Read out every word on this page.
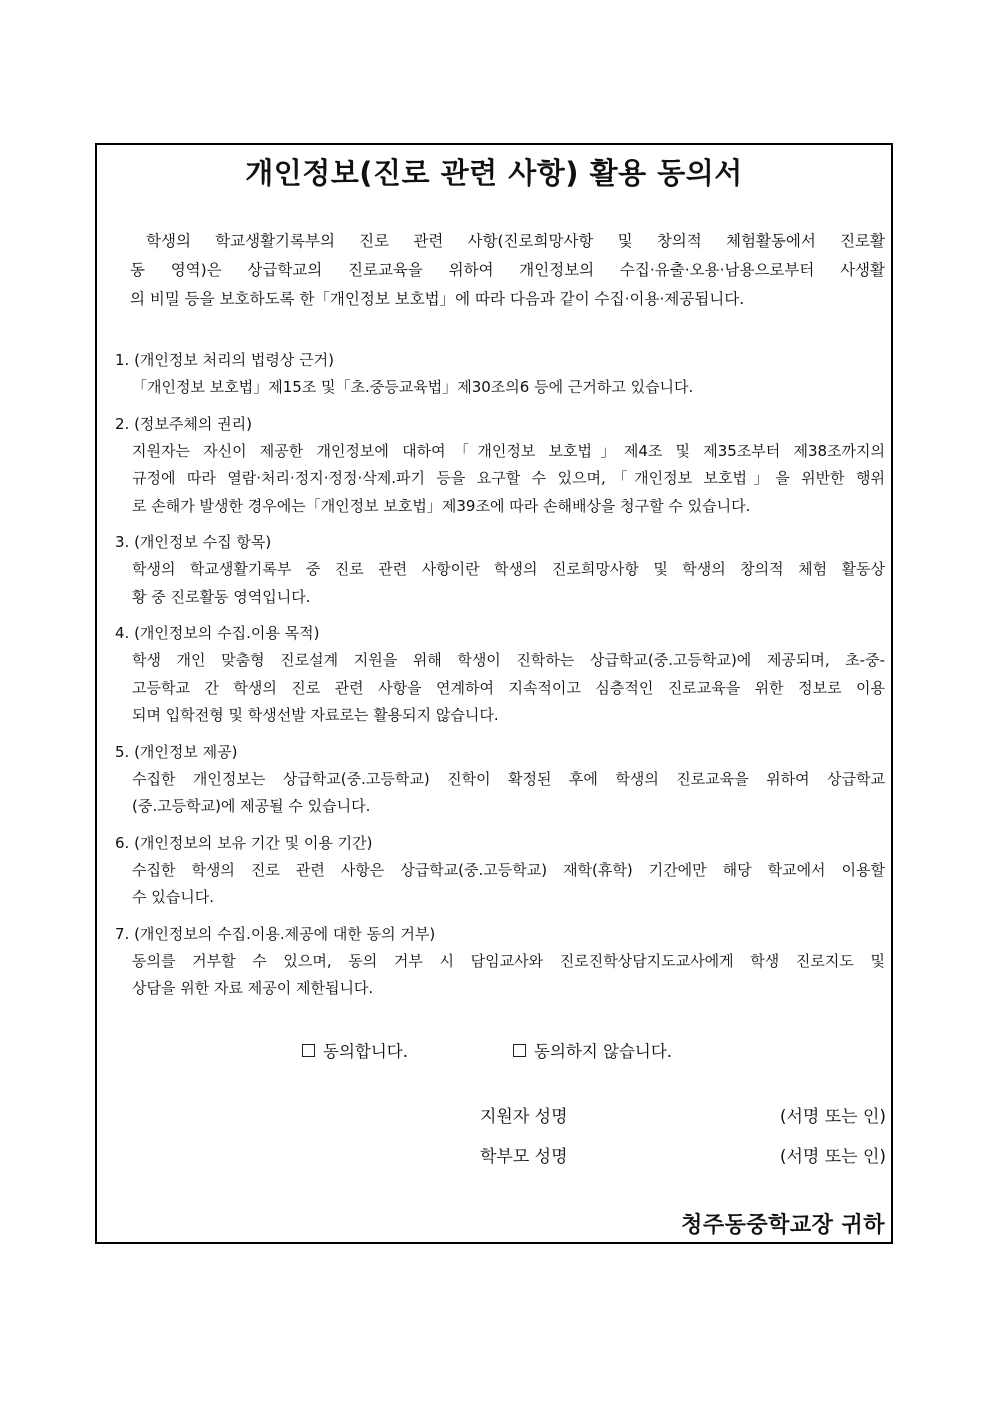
개인정보(진로 관련 사항) 활용 동의서

학생의 학교생활기록부의 진로 관련 사항(진로희망사항 및 창의적 체험활동에서 진로활
동 영역)은 상급학교의 진로교육을 위하여 개인정보의 수집·유출·오용·남용으로부터 사생활
의 비밀 등을 보호하도록 한「개인정보 보호법」에 따라 다음과 같이 수집·이용·제공됩니다.

1. (개인정보 처리의 법령상 근거)

「개인정보 보호법」제15조 및「초.중등교육법」제30조의6 등에 근거하고 있습니다.

2. (정보주체의 권리)

지원자는 자신이 제공한 개인정보에 대하여「개인정보 보호법」제4조 및 제35조부터 제38조까지의
규정에 따라 열람·처리·정지·정정·삭제.파기 등을 요구할 수 있으며,「개인정보 보호법」을 위반한 행위
로 손해가 발생한 경우에는「개인정보 보호법」제39조에 따라 손해배상을 청구할 수 있습니다.

3. (개인정보 수집 항목)

학생의 학교생활기록부 중 진로 관련 사항이란 학생의 진로희망사항 및 학생의 창의적 체험 활동상
황 중 진로활동 영역입니다.

4. (개인정보의 수집.이용 목적)

학생 개인 맞춤형 진로설계 지원을 위해 학생이 진학하는 상급학교(중.고등학교)에 제공되며, 초-중-
고등학교 간 학생의 진로 관련 사항을 연계하여 지속적이고 심층적인 진로교육을 위한 정보로 이용
되며 입학전형 및 학생선발 자료로는 활용되지 않습니다.

5. (개인정보 제공)

수집한 개인정보는 상급학교(중.고등학교) 진학이 확정된 후에 학생의 진로교육을 위하여 상급학교
(중.고등학교)에 제공될 수 있습니다.

6. (개인정보의 보유 기간 및 이용 기간)

수집한 학생의 진로 관련 사항은 상급학교(중.고등학교) 재학(휴학) 기간에만 해당 학교에서 이용할
수 있습니다.

7. (개인정보의 수집.이용.제공에 대한 동의 거부)

동의를 거부할 수 있으며, 동의 거부 시 담임교사와 진로진학상담지도교사에게 학생 진로지도 및
상담을 위한 자료 제공이 제한됩니다.
동의합니다.	동의하지 않습니다.
지원자 성명	(서명 또는 인)
학부모 성명	(서명 또는 인)

청주동중학교장 귀하
